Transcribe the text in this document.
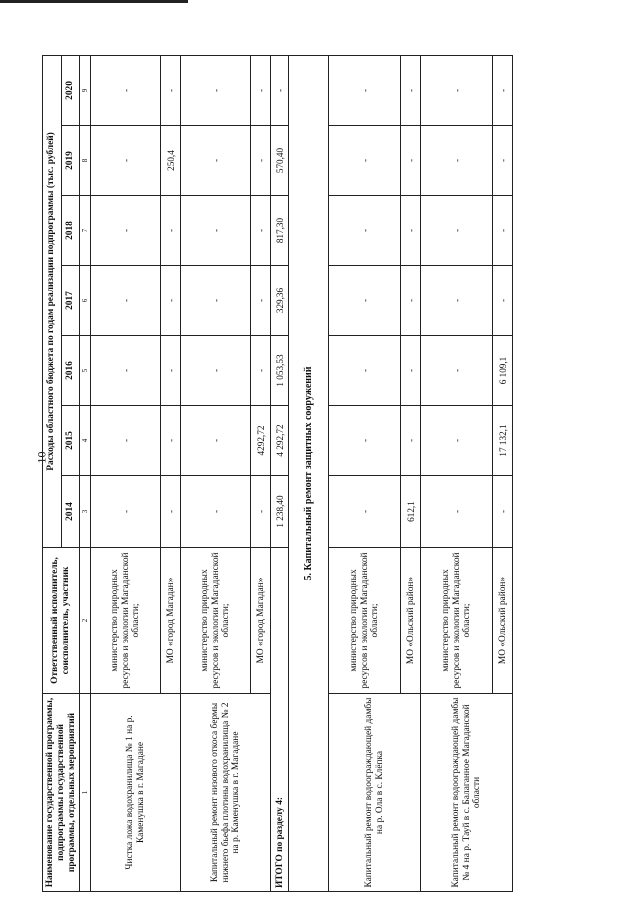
10
Наименование государственной программы, подпрограммы государственной программы, отдельных мероприятий	Ответственный исполнитель, соисполнитель, участник	Расходы областного бюджета по годам реализации подпрограммы (тыс. рублей)						
		2014	2015	2016	2017	2018	2019	2020
1	2	3	4	5	6	7	8	9
Чистка ложа водохранилища № 1 на р. Каменушка в г. Магадане	министерство природных ресурсов и экологии Магаданской области;	-	-	-	-	-	-	-
	МО «город Магадан»	-	-	-	-	-	250,4	-
Капитальный ремонт низового откоса бермы нижнего бьефа плотины водохранилища № 2 на р. Каменушка в г. Магадане	министерство природных ресурсов и экологии Магаданской области;	-	-	-	-	-	-	-
	МО «город Магадан»	-	4292,72	-	-	-	-	-
ИТОГО по разделу 4:		1 238,40	4 292,72	1 053,53	329,36	817,30	570,40	-
5. Капитальный ремонт защитных сооружений								
Капитальный ремонт водоограждающей дамбы на р. Ола в с. Клёпка	министерство природных ресурсов и экологии Магаданской области;	-	-	-	-	-	-	-
	МО «Ольский район»	612,1	-	-	-	-	-	-
Капитальный ремонт водоограждающей дамбы № 4 на р. Тауй в с. Балаганное Магаданской области	министерство природных ресурсов и экологии Магаданской области;	-	-	-	-	-	-	-
	МО «Ольский район»	-	17 132,1	6 109,1	-	-	-	-
